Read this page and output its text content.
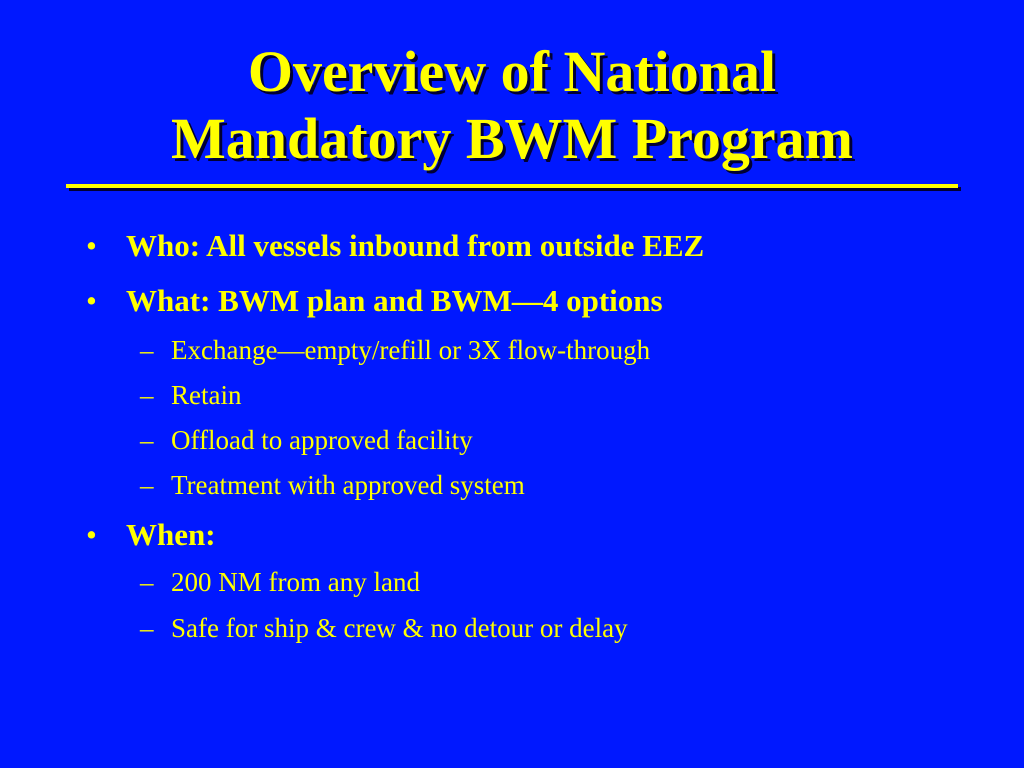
Overview of National
Mandatory BWM Program
• Who: All vessels inbound from outside EEZ
• What: BWM plan and BWM—4 options
– Exchange—empty/refill or 3X flow-through
– Retain
– Offload to approved facility
– Treatment with approved system
• When:
– 200 NM from any land
– Safe for ship & crew & no detour or delay
